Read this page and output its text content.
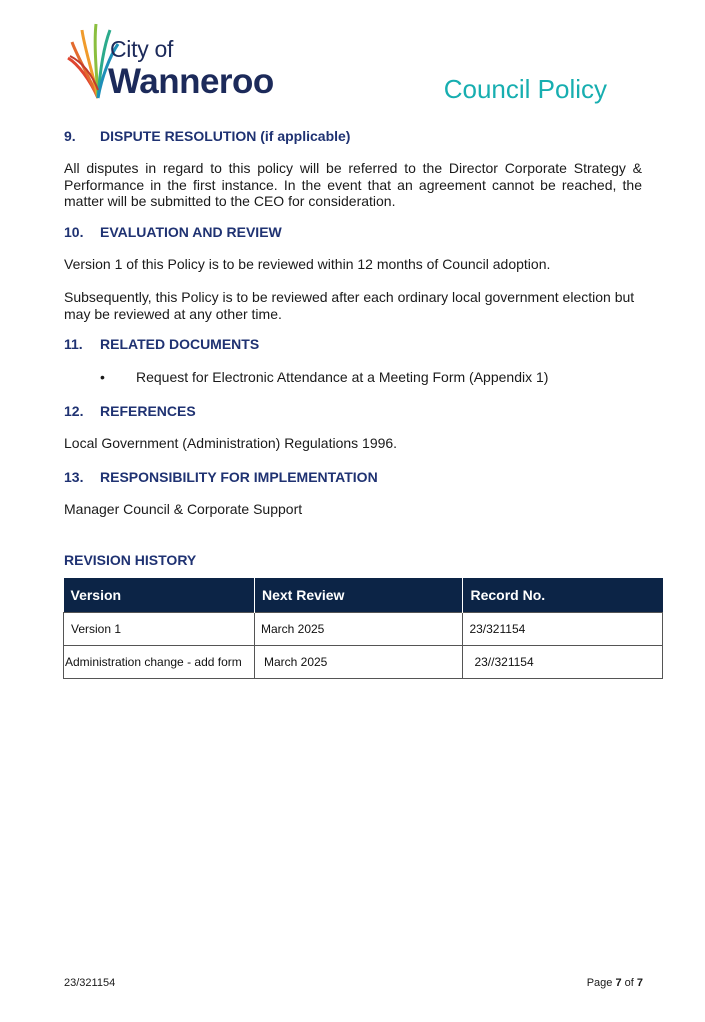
City of
Wanneroo	Council Policy
9. DISPUTE RESOLUTION (if applicable)
All disputes in regard to this policy will be referred to the Director Corporate Strategy & Performance in the first instance. In the event that an agreement cannot be reached, the matter will be submitted to the CEO for consideration.
10. EVALUATION AND REVIEW
Version 1 of this Policy is to be reviewed within 12 months of Council adoption.
Subsequently, this Policy is to be reviewed after each ordinary local government election but may be reviewed at any other time.
11. RELATED DOCUMENTS
• Request for Electronic Attendance at a Meeting Form (Appendix 1)
12. REFERENCES
Local Government (Administration) Regulations 1996.
13. RESPONSIBILITY FOR IMPLEMENTATION
Manager Council & Corporate Support
REVISION HISTORY
Version	Next Review	Record No.
Version 1	March 2025	23/321154
Administration change - add form	March 2025	23//321154
23/321154	Page 7 of 7
